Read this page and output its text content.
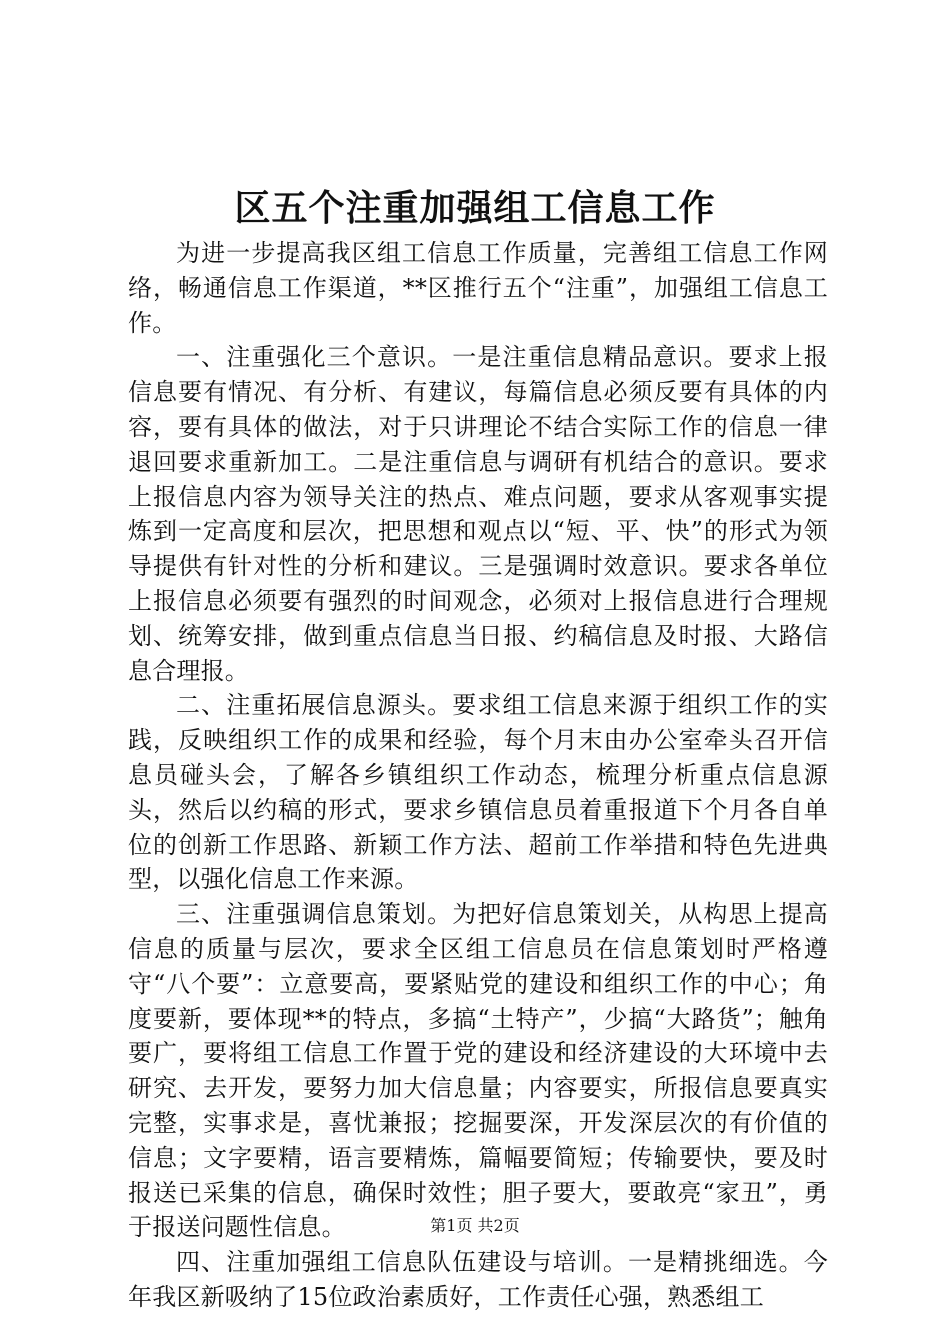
区五个注重加强组工信息工作

为进一步提高我区组工信息工作质量，完善组工信息工作网络，畅通信息工作渠道，**区推行五个“注重”，加强组工信息工作。

一、注重强化三个意识。一是注重信息精品意识。要求上报信息要有情况、有分析、有建议，每篇信息必须反要有具体的内容，要有具体的做法，对于只讲理论不结合实际工作的信息一律退回要求重新加工。二是注重信息与调研有机结合的意识。要求上报信息内容为领导关注的热点、难点问题，要求从客观事实提炼到一定高度和层次，把思想和观点以“短、平、快”的形式为领导提供有针对性的分析和建议。三是强调时效意识。要求各单位上报信息必须要有强烈的时间观念，必须对上报信息进行合理规划、统筹安排，做到重点信息当日报、约稿信息及时报、大路信息合理报。

二、注重拓展信息源头。要求组工信息来源于组织工作的实践，反映组织工作的成果和经验，每个月末由办公室牵头召开信息员碰头会，了解各乡镇组织工作动态，梳理分析重点信息源头，然后以约稿的形式，要求乡镇信息员着重报道下个月各自单位的创新工作思路、新颖工作方法、超前工作举措和特色先进典型，以强化信息工作来源。

三、注重强调信息策划。为把好信息策划关，从构思上提高信息的质量与层次，要求全区组工信息员在信息策划时严格遵守“八个要”：立意要高，要紧贴党的建设和组织工作的中心；角度要新，要体现**的特点，多搞“土特产”，少搞“大路货”；触角要广，要将组工信息工作置于党的建设和经济建设的大环境中去研究、去开发，要努力加大信息量；内容要实，所报信息要真实完整，实事求是，喜忧兼报；挖掘要深，开发深层次的有价值的信息；文字要精，语言要精炼，篇幅要简短；传输要快，要及时报送已采集的信息，确保时效性；胆子要大，要敢亮“家丑”，勇于报送问题性信息。

四、注重加强组工信息队伍建设与培训。一是精挑细选。今年我区新吸纳了15位政治素质好，工作责任心强，熟悉组工

第1页 共2页
